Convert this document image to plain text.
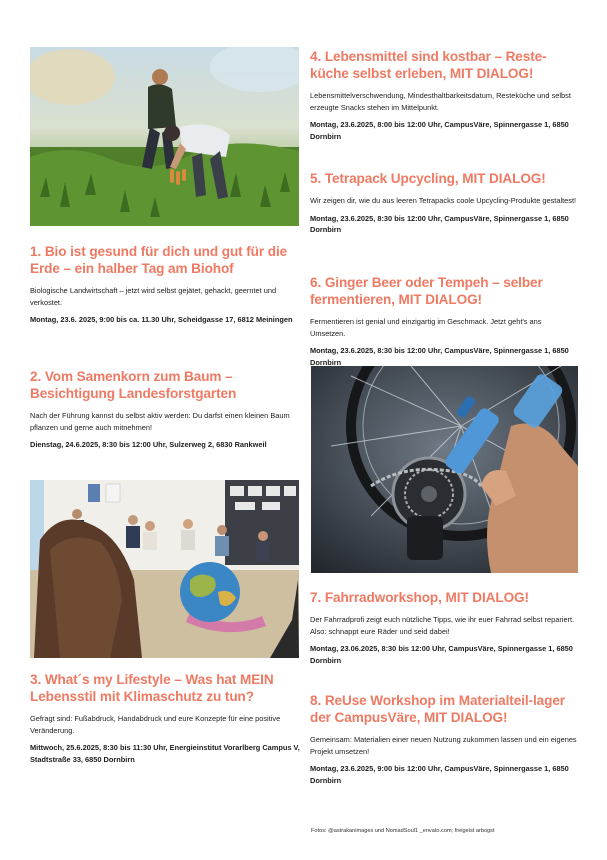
1. Bio ist gesund für dich und gut für die Erde – ein halber Tag am Biohof
Biologische Landwirtschaft – jetzt wird selbst gejätet, gehackt, geerntet und verkostet.
Montag, 23.6. 2025, 9:00 bis ca. 11.30 Uhr, Scheidgasse 17, 6812 Meiningen
2. Vom Samenkorn zum Baum – Besichtigung Landesforstgarten
Nach der Führung kannst du selbst aktiv werden: Du darfst einen kleinen Baum pflanzen und gerne auch mitnehmen!
Dienstag, 24.6.2025, 8:30 bis 12:00 Uhr, Sulzerweg 2, 6830 Rankweil
3. What´s my Lifestyle – Was hat MEIN Lebensstil mit Klimaschutz zu tun?
Gefragt sind: Fußabdruck, Handabdruck und eure Konzepte für eine positive Veränderung.
Mittwoch, 25.6.2025, 8:30 bis 11:30 Uhr, Energieinstitut Vorarlberg Campus V, Stadtstraße 33, 6850 Dornbirn
4. Lebensmittel sind kostbar – Reste-küche selbst erleben, MIT DIALOG!
Lebensmittelverschwendung, Mindesthaltbarkeitsdatum, Resteküche und selbst erzeugte Snacks stehen im Mittelpunkt.
Montag, 23.6.2025, 8:00 bis 12:00 Uhr, CampusVäre, Spinnergasse 1, 6850 Dornbirn
5. Tetrapack Upcycling, MIT DIALOG!
Wir zeigen dir, wie du aus leeren Tetrapacks coole Upcycling-Produkte gestaltest!
Montag, 23.6.2025, 8:30 bis 12:00 Uhr, CampusVäre, Spinnergasse 1, 6850 Dornbirn
6. Ginger Beer oder Tempeh – selber fermentieren, MIT DIALOG!
Fermentieren ist genial und einzigartig im Geschmack. Jetzt geht's ans Umsetzen.
Montag, 23.6.2025, 8:30 bis 12:00 Uhr, CampusVäre, Spinnergasse 1, 6850 Dornbirn
7. Fahrradworkshop, MIT DIALOG!
Der Fahrradprofi zeigt euch nützliche Tipps, wie ihr euer Fahrrad selbst repariert. Also: schnappt eure Räder und seid dabei!
Montag, 23.06.2025, 8:30 bis 12:00 Uhr, CampusVäre, Spinnergasse 1, 6850 Dornbirn
8. ReUse Workshop im Materialteil-lager der CampusVäre, MIT DIALOG!
Gemeinsam: Materialien einer neuen Nutzung zukommen lassen und ein eigenes Projekt umsetzen!
Montag, 23.6.2025, 9:00 bis 12:00 Uhr, CampusVäre, Spinnergasse 1, 6850 Dornbirn
Fotos: @astrakanimages und NomadSoul1 _envato.com; freigeist arbogst
